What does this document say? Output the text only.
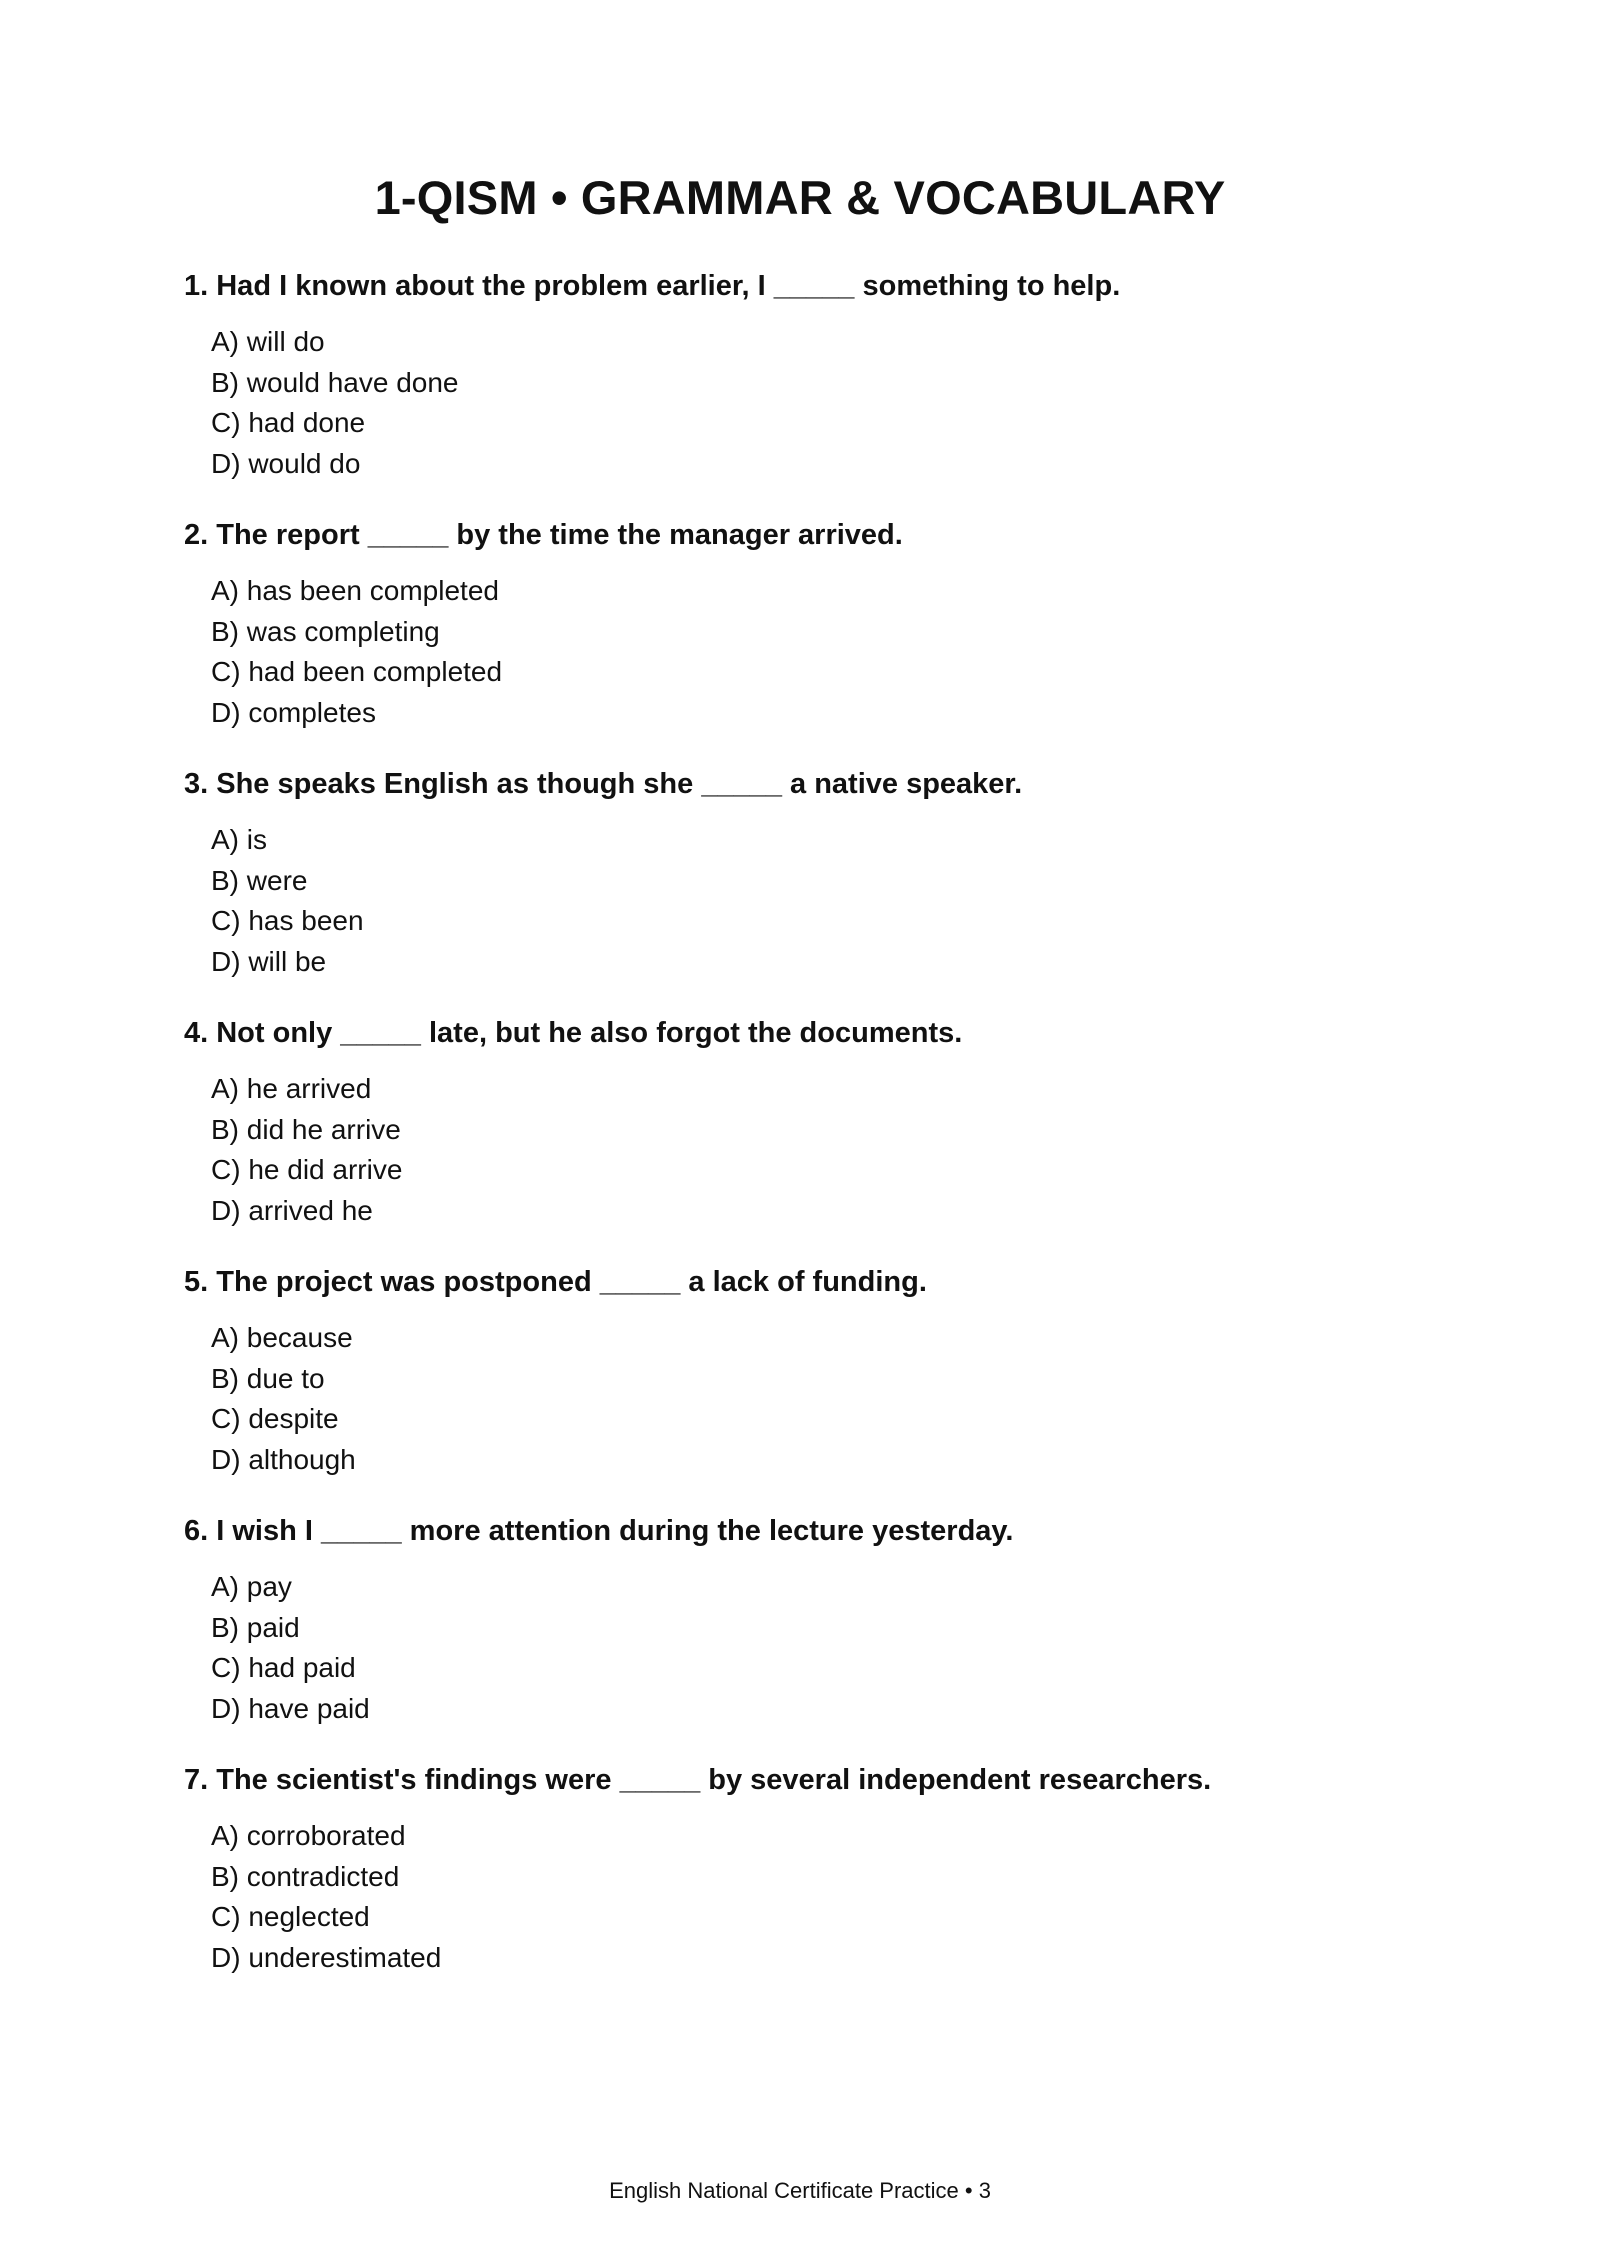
1-QISM • GRAMMAR & VOCABULARY
1. Had I known about the problem earlier, I _____ something to help.
A) will do
B) would have done
C) had done
D) would do
2. The report _____ by the time the manager arrived.
A) has been completed
B) was completing
C) had been completed
D) completes
3. She speaks English as though she _____ a native speaker.
A) is
B) were
C) has been
D) will be
4. Not only _____ late, but he also forgot the documents.
A) he arrived
B) did he arrive
C) he did arrive
D) arrived he
5. The project was postponed _____ a lack of funding.
A) because
B) due to
C) despite
D) although
6. I wish I _____ more attention during the lecture yesterday.
A) pay
B) paid
C) had paid
D) have paid
7. The scientist's findings were _____ by several independent researchers.
A) corroborated
B) contradicted
C) neglected
D) underestimated
English National Certificate Practice • 3
